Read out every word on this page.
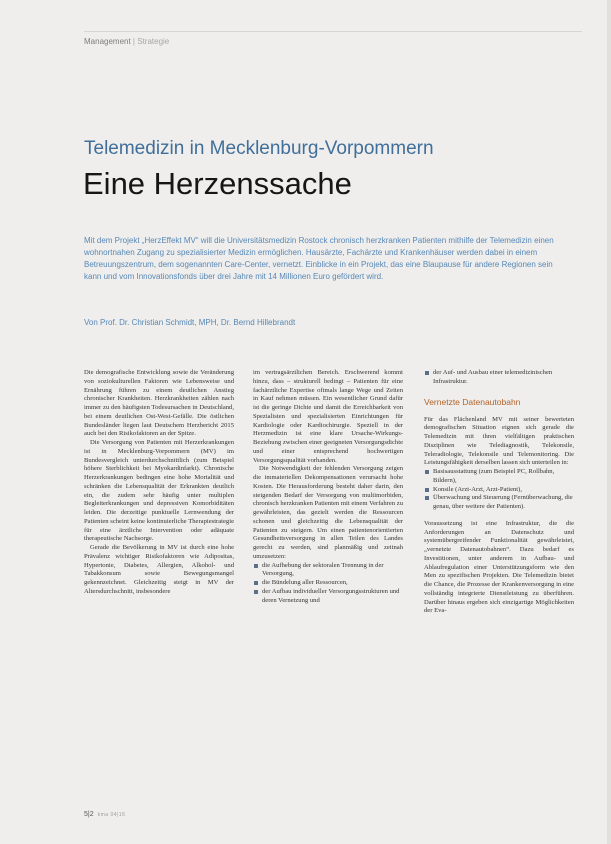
Management | Strategie
Telemedizin in Mecklenburg-Vorpommern
Eine Herzenssache

Mit dem Projekt „HerzEffekt MV“ will die Universitätsmedizin Rostock chronisch herzkranken Patienten mithilfe der Telemedizin einen wohnortnahen Zugang zu spezialisierter Medizin ermöglichen. Hausärzte, Fachärzte und Krankenhäuser werden dabei in einem Betreuungszentrum, dem sogenannten Care-Center, vernetzt. Einblicke in ein Projekt, das eine Blaupause für andere Regionen sein kann und vom Innovationsfonds über drei Jahre mit 14 Millionen Euro gefördert wird.

Von Prof. Dr. Christian Schmidt, MPH, Dr. Bernd Hillebrandt

Die demografische Entwicklung sowie die Veränderung von soziokulturellen Faktoren wie Lebensweise und Ernährung führen zu einem deutlichen Anstieg chronischer Krankheiten. Herzkrankheiten zählen nach immer zu den häufigsten Todesursachen in Deutschland, bei einem deutlichen Ost-West-Gefälle. Die östlichen Bundesländer liegen laut Deutschem Herzbericht 2015 auch bei den Risikofaktoren an der Spitze.

Die Versorgung von Patienten mit Herzerkrankungen ist in Mecklenburg-Vorpommern (MV) im Bundesvergleich unterdurchschnittlich (zum Beispiel höhere Sterblichkeit bei Myokardinfarkt). Chronische Herzerkrankungen bedingen eine hohe Mortalität und schränken die Lebensqualität der Erkrankten deutlich ein, die zudem sehr häufig unter multiplen Begleiterkrankungen und depressiven Komorbiditäten leiden. Die derzeitige punktuelle Lernwendung der Patienten scheint keine kontinuierliche Therapiestrategie für eine ärztliche Intervention oder adäquate therapeutische Nachsorge.

Gerade die Bevölkerung in MV ist durch eine hohe Prävalenz wichtiger Risikofaktoren wie Adipositas, Hypertonie, Diabetes, Allergien, Alkohol- und Tabakkonsum sowie Bewegungsmangel gekennzeichnet. Gleichzeitig steigt in MV der Altersdurchschnitt, insbesondere

im vertragsärztlichen Bereich. Erschwerend kommt hinzu, dass – strukturell bedingt – Patienten für eine fachärztliche Expertise oftmals lange Wege und Zeiten in Kauf nehmen müssen. Ein wesentlicher Grund dafür ist die geringe Dichte und damit die Erreichbarkeit von Spezialisten und spezialisierten Einrichtungen für Kardiologie oder Kardiochirurgie. Speziell in der Herzmedizin ist eine klare Ursache-Wirkungs-Beziehung zwischen einer geeigneten Versorgungsdichte und einer entsprechend hochwertigen Versorgungsqualität vorhanden.

Die Notwendigkeit der fehlenden Versorgung zeigen die immateriellen Dekompensationen verursacht hohe Kosten. Die Herausforderung besteht daher darin, den steigenden Bedarf der Versorgung von multimorbiden, chronisch herzkranken Patienten mit einem Verfahren zu gewährleisten, das gezielt werden die Ressourcen schonen und gleichzeitig die Lebensqualität der Patienten zu steigern. Um einen patientenorientierten Gesundheitsversorgung in allen Teilen des Landes gerecht zu werden, sind planmäßig und zeitnah umzusetzen:

die Aufhebung der sektoralen Trennung in der Versorgung,
die Bündelung aller Ressourcen,
der Aufbau individueller Versorgungsstrukturen und deren Vernetzung und
der Auf- und Ausbau einer telemedizinischen Infrastruktur.
Vernetzte Datenautobahn

Für das Flächenland MV mit seiner bewerteten demografischen Situation eignen sich gerade die Telemedizin mit ihren vielfältigen praktischen Disziplinen wie Telediagnostik, Telekonsile, Teleradiologie, Telekonsile und Telemonitoring. Die Leistungsfähigkeit derselben lassen sich unterteilen in:

Basisausstattung (zum Beispiel PC, Rollbahn, Bildern),
Konsile (Arzt-Arzt, Arzt-Patient),
Überwachung und Steuerung (Fernüberwachung, die genau, über weitere der Patienten).

Voraussetzung ist eine Infrastruktur, die die Anforderungen an Datenschutz und systemübergreifender Funktionalität gewährleistet, „vernetzte Datenautobahnen“. Dazu bedarf es Investitionen, unter anderem in Aufbau- und Ablaufregulation einer Unterstützungsform wie den Men zu spezifischen Projekten. Die Telemedizin bietet die Chance, die Prozesse der Krankenversorgung in eine vollständig integrierte Dienstleistung zu überführen. Darüber hinaus ergeben sich einzigartige Möglichkeiten der Eva-

5|2 kma 04|16
